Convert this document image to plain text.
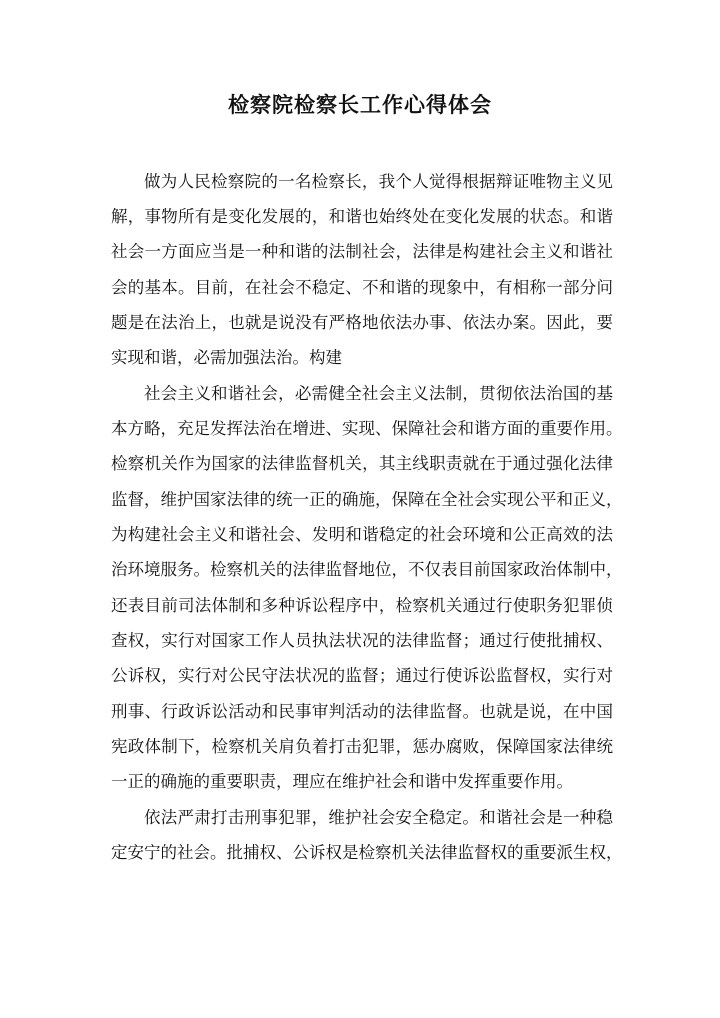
检察院检察长工作心得体会
做为人民检察院的一名检察长，我个人觉得根据辩证唯物主义见
解，事物所有是变化发展的，和谐也始终处在变化发展的状态。和谐
社会一方面应当是一种和谐的法制社会，法律是构建社会主义和谐社
会的基本。目前，在社会不稳定、不和谐的现象中，有相称一部分问
题是在法治上，也就是说没有严格地依法办事、依法办案。因此，要
实现和谐，必需加强法治。构建
社会主义和谐社会，必需健全社会主义法制，贯彻依法治国的基
本方略，充足发挥法治在增进、实现、保障社会和谐方面的重要作用。
检察机关作为国家的法律监督机关，其主线职责就在于通过强化法律
监督，维护国家法律的统一正的确施，保障在全社会实现公平和正义，
为构建社会主义和谐社会、发明和谐稳定的社会环境和公正高效的法
治环境服务。检察机关的法律监督地位，不仅表目前国家政治体制中，
还表目前司法体制和多种诉讼程序中，检察机关通过行使职务犯罪侦
查权，实行对国家工作人员执法状况的法律监督；通过行使批捕权、
公诉权，实行对公民守法状况的监督；通过行使诉讼监督权，实行对
刑事、行政诉讼活动和民事审判活动的法律监督。也就是说，在中国
宪政体制下，检察机关肩负着打击犯罪，惩办腐败，保障国家法律统
一正的确施的重要职责，理应在维护社会和谐中发挥重要作用。
依法严肃打击刑事犯罪，维护社会安全稳定。和谐社会是一种稳
定安宁的社会。批捕权、公诉权是检察机关法律监督权的重要派生权，
